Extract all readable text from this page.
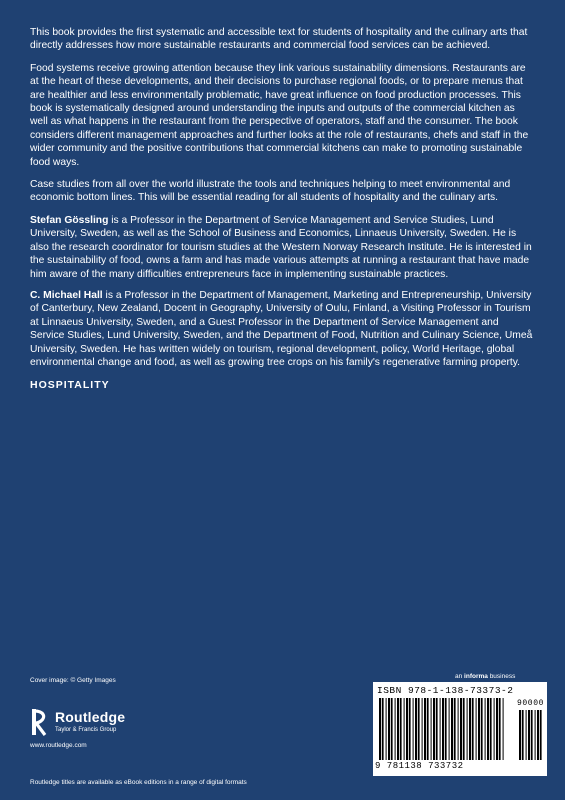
This book provides the first systematic and accessible text for students of hospitality and the culinary arts that directly addresses how more sustainable restaurants and commercial food services can be achieved.

Food systems receive growing attention because they link various sustainability dimensions. Restaurants are at the heart of these developments, and their decisions to purchase regional foods, or to prepare menus that are healthier and less environmentally problematic, have great influence on food production processes. This book is systematically designed around understanding the inputs and outputs of the commercial kitchen as well as what happens in the restaurant from the perspective of operators, staff and the consumer. The book considers different management approaches and further looks at the role of restaurants, chefs and staff in the wider community and the positive contributions that commercial kitchens can make to promoting sustainable food ways.

Case studies from all over the world illustrate the tools and techniques helping to meet environmental and economic bottom lines. This will be essential reading for all students of hospitality and the culinary arts.

Stefan Gössling is a Professor in the Department of Service Management and Service Studies, Lund University, Sweden, as well as the School of Business and Economics, Linnaeus University, Sweden. He is also the research coordinator for tourism studies at the Western Norway Research Institute. He is interested in the sustainability of food, owns a farm and has made various attempts at running a restaurant that have made him aware of the many difficulties entrepreneurs face in implementing sustainable practices.

C. Michael Hall is a Professor in the Department of Management, Marketing and Entrepreneurship, University of Canterbury, New Zealand, Docent in Geography, University of Oulu, Finland, a Visiting Professor in Tourism at Linnaeus University, Sweden, and a Guest Professor in the Department of Service Management and Service Studies, Lund University, Sweden, and the Department of Food, Nutrition and Culinary Science, Umeå University, Sweden. He has written widely on tourism, regional development, policy, World Heritage, global environmental change and food, as well as growing tree crops on his family's regenerative farming property.

HOSPITALITY
Cover image: © Getty Images
Routledge
Taylor & Francis Group
www.routledge.com
Routledge titles are available as eBook editions in a range of digital formats
an informa business
ISBN 978-1-138-73373-2
90000
9 781138 733732
